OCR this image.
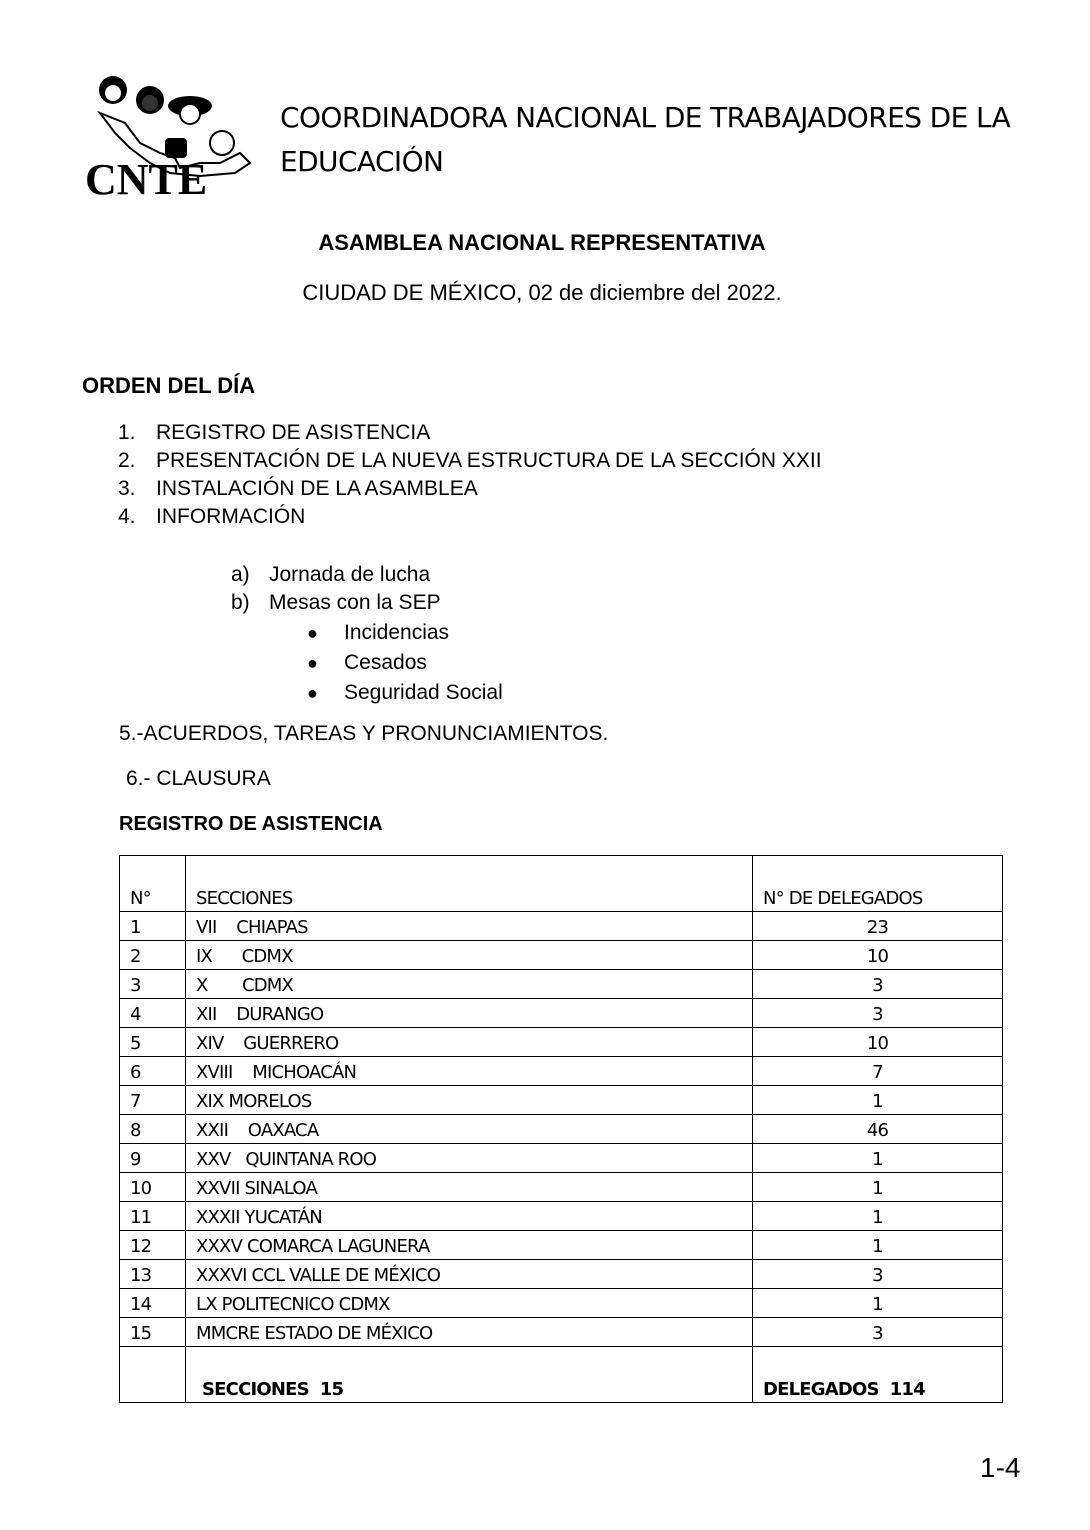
CNTE
COORDINADORA NACIONAL DE TRABAJADORES DE LA EDUCACIÓN
ASAMBLEA NACIONAL REPRESENTATIVA
CIUDAD DE MÉXICO, 02 de diciembre del 2022.
ORDEN DEL DÍA
1. REGISTRO DE ASISTENCIA
2. PRESENTACIÓN DE LA NUEVA ESTRUCTURA DE LA SECCIÓN XXII
3. INSTALACIÓN DE LA ASAMBLEA
4. INFORMACIÓN
a) Jornada de lucha
b) Mesas con la SEP
●	Incidencias
●	Cesados
●	Seguridad Social
5.-ACUERDOS, TAREAS Y PRONUNCIAMIENTOS.
6.- CLAUSURA
REGISTRO DE ASISTENCIA
N°	SECCIONES	N° DE DELEGADOS
1	VII    CHIAPAS	23
2	IX      CDMX	10
3	X       CDMX	3
4	XII    DURANGO	3
5	XIV    GUERRERO	10
6	XVIII    MICHOACÁN	7
7	XIX MORELOS	1
8	XXII    OAXACA	46
9	XXV   QUINTANA ROO	1
10	XXVII SINALOA	1
11	XXXII YUCATÁN	1
12	XXXV COMARCA LAGUNERA	1
13	XXXVI CCL VALLE DE MÉXICO	3
14	LX POLITECNICO CDMX	1
15	MMCRE ESTADO DE MÉXICO	3
	SECCIONES  15	DELEGADOS  114
1-4
